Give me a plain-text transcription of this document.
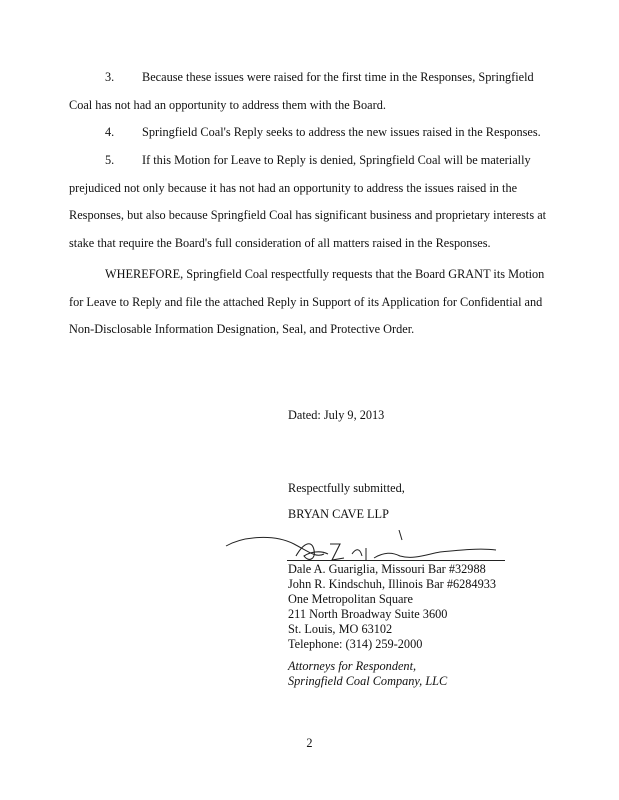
3. Because these issues were raised for the first time in the Responses, Springfield
Coal has not had an opportunity to address them with the Board.

4. Springfield Coal's Reply seeks to address the new issues raised in the Responses.

5. If this Motion for Leave to Reply is denied, Springfield Coal will be materially
prejudiced not only because it has not had an opportunity to address the issues raised in the
Responses, but also because Springfield Coal has significant business and proprietary interests at
stake that require the Board's full consideration of all matters raised in the Responses.

WHEREFORE, Springfield Coal respectfully requests that the Board GRANT its Motion
for Leave to Reply and file the attached Reply in Support of its Application for Confidential and
Non-Disclosable Information Designation, Seal, and Protective Order.

Dated: July 9, 2013

Respectfully submitted,

BRYAN CAVE LLP

Dale A. Guariglia, Missouri Bar #32988
John R. Kindschuh, Illinois Bar #6284933
One Metropolitan Square
211 North Broadway Suite 3600
St. Louis, MO 63102
Telephone: (314) 259-2000
Attorneys for Respondent,
Springfield Coal Company, LLC
2
